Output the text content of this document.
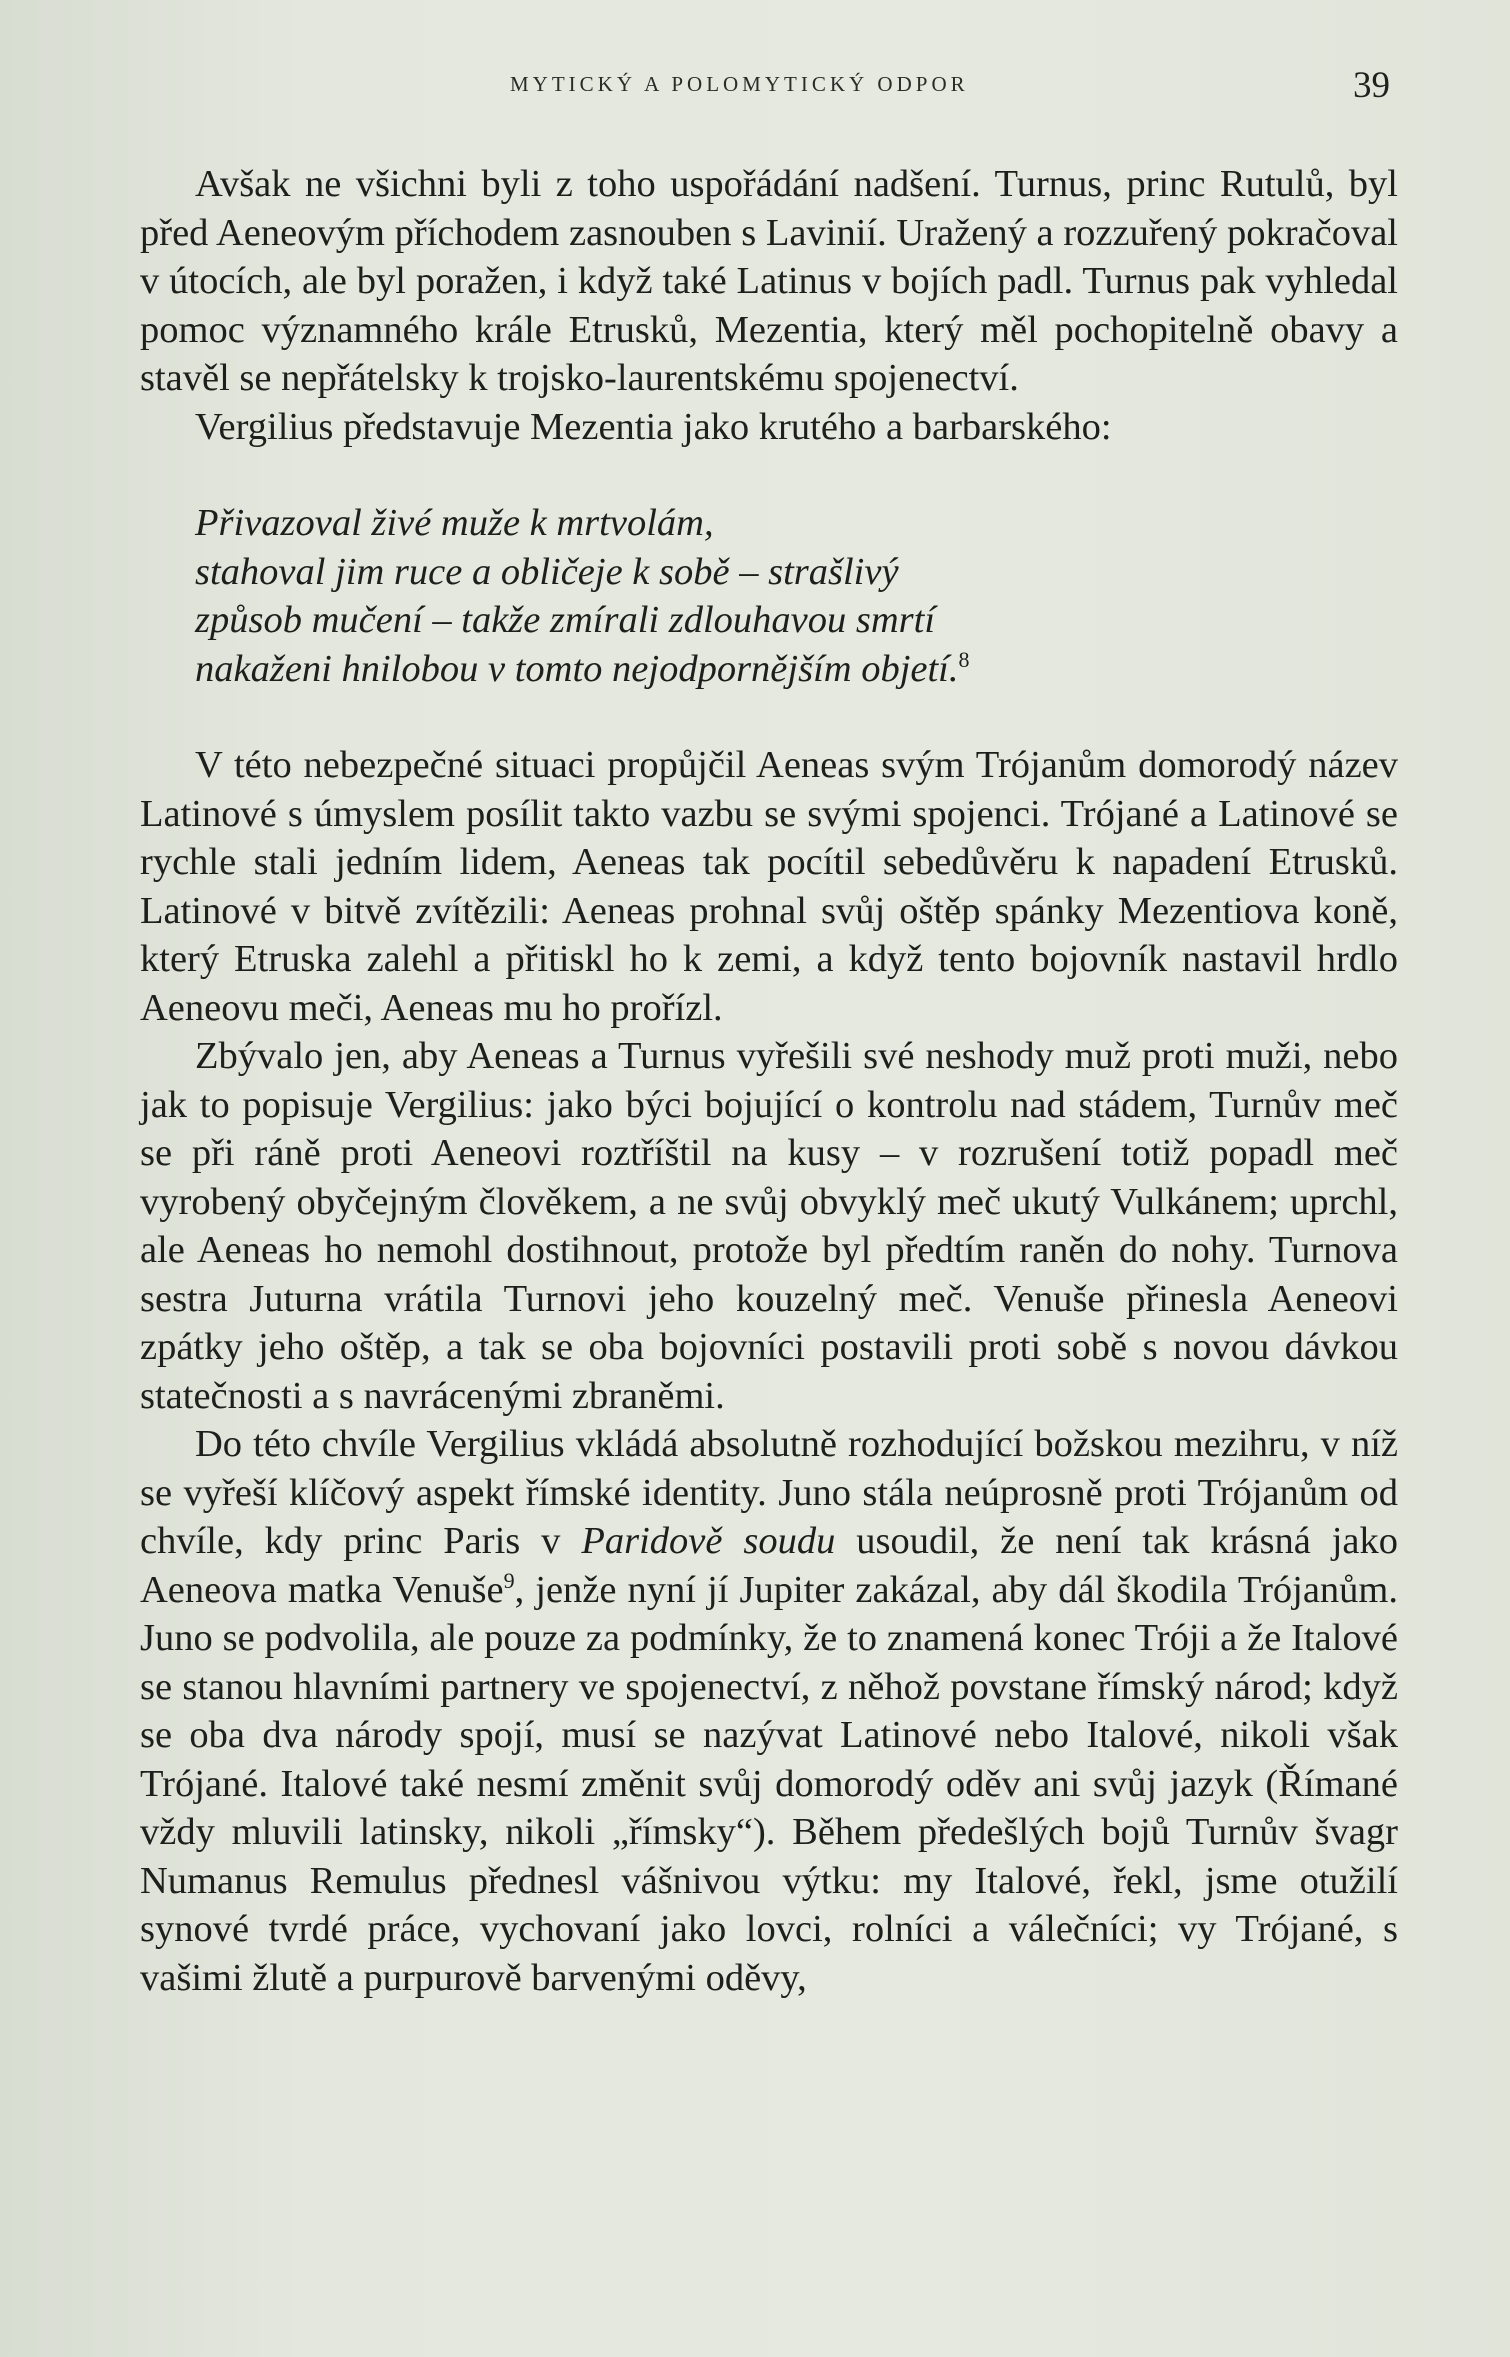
MYTICKÝ A POLOMYTICKÝ ODPOR	39

Avšak ne všichni byli z toho uspořádání nadšení. Turnus, princ Rutulů, byl před Aeneovým příchodem zasnouben s Lavinií. Uražený a rozzuřený pokračoval v útocích, ale byl poražen, i když také Latinus v bojích padl. Turnus pak vyhledal pomoc významného krále Etrusků, Mezentia, který měl pochopitelně obavy a stavěl se nepřátelsky k trojsko-laurentskému spojenectví.

Vergilius představuje Mezentia jako krutého a barbarského:

Přivazoval živé muže k mrtvolám,
stahoval jim ruce a obličeje k sobě – strašlivý
způsob mučení – takže zmírali zdlouhavou smrtí
nakaženi hnilobou v tomto nejodpornějším objetí.$^8$

V této nebezpečné situaci propůjčil Aeneas svým Trójanům domorodý název Latinové s úmyslem posílit takto vazbu se svými spojenci. Trójané a Latinové se rychle stali jedním lidem, Aeneas tak pocítil sebedůvěru k napadení Etrusků. Latinové v bitvě zvítězili: Aeneas prohnal svůj oštěp spánky Mezentiova koně, který Etruska zalehl a přitiskl ho k zemi, a když tento bojovník nastavil hrdlo Aeneovu meči, Aeneas mu ho prořízl.

Zbývalo jen, aby Aeneas a Turnus vyřešili své neshody muž proti muži, nebo jak to popisuje Vergilius: jako býci bojující o kontrolu nad stádem, Turnův meč se při ráně proti Aeneovi roztříštil na kusy – v rozrušení totiž popadl meč vyrobený obyčejným člověkem, a ne svůj obvyklý meč ukutý Vulkánem; uprchl, ale Aeneas ho nemohl dostihnout, protože byl předtím raněn do nohy. Turnova sestra Juturna vrátila Turnovi jeho kouzelný meč. Venuše přinesla Aeneovi zpátky jeho oštěp, a tak se oba bojovníci postavili proti sobě s novou dávkou statečnosti a s navrácenými zbraněmi.

Do této chvíle Vergilius vkládá absolutně rozhodující božskou mezihru, v níž se vyřeší klíčový aspekt římské identity. Juno stála neúprosně proti Trójanům od chvíle, kdy princ Paris v Paridově soudu usoudil, že není tak krásná jako Aeneova matka Venuše$^9$, jenže nyní jí Jupiter zakázal, aby dál škodila Trójanům. Juno se podvolila, ale pouze za podmínky, že to znamená konec Tróji a že Italové se stanou hlavními partnery ve spojenectví, z něhož povstane římský národ; když se oba dva národy spojí, musí se nazývat Latinové nebo Italové, nikoli však Trójané. Italové také nesmí změnit svůj domorodý oděv ani svůj jazyk (Římané vždy mluvili latinsky, nikoli „římsky“). Během předešlých bojů Turnův švagr Numanus Remulus přednesl vášnivou výtku: my Italové, řekl, jsme otužilí synové tvrdé práce, vychovaní jako lovci, rolníci a válečníci; vy Trójané, s vašimi žlutě a purpurově barvenými oděvy,
